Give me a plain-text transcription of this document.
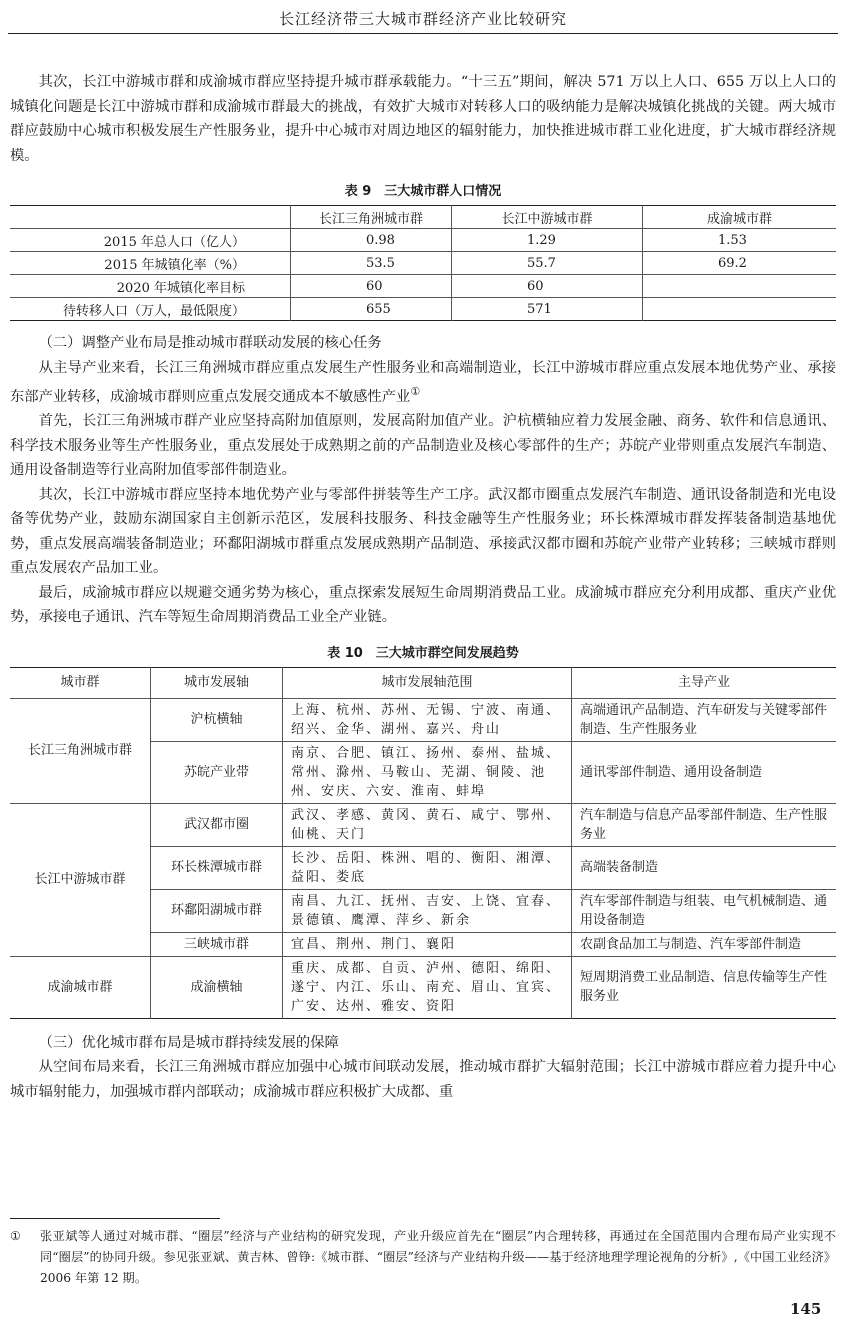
长江经济带三大城市群经济产业比较研究

其次，长江中游城市群和成渝城市群应坚持提升城市群承载能力。“十三五”期间，解决 571 万以上人口、655 万以上人口的城镇化问题是长江中游城市群和成渝城市群最大的挑战，有效扩大城市对转移人口的吸纳能力是解决城镇化挑战的关键。两大城市群应鼓励中心城市积极发展生产性服务业，提升中心城市对周边地区的辐射能力，加快推进城市群工业化进度，扩大城市群经济规模。

表 9　三大城市群人口情况
	长江三角洲城市群	长江中游城市群	成渝城市群
2015 年总人口（亿人）	0.98	1.29	1.53
2015 年城镇化率（%）	53.5	55.7	69.2
2020 年城镇化率目标	60	60	
待转移人口（万人，最低限度）	655	571	

（二）调整产业布局是推动城市群联动发展的核心任务

从主导产业来看，长江三角洲城市群应重点发展生产性服务业和高端制造业，长江中游城市群应重点发展本地优势产业、承接东部产业转移，成渝城市群则应重点发展交通成本不敏感性产业①

首先，长江三角洲城市群产业应坚持高附加值原则，发展高附加值产业。沪杭横轴应着力发展金融、商务、软件和信息通讯、科学技术服务业等生产性服务业，重点发展处于成熟期之前的产品制造业及核心零部件的生产；苏皖产业带则重点发展汽车制造、通用设备制造等行业高附加值零部件制造业。

其次，长江中游城市群应坚持本地优势产业与零部件拼装等生产工序。武汉都市圈重点发展汽车制造、通讯设备制造和光电设备等优势产业，鼓励东湖国家自主创新示范区，发展科技服务、科技金融等生产性服务业；环长株潭城市群发挥装备制造基地优势，重点发展高端装备制造业；环鄱阳湖城市群重点发展成熟期产品制造、承接武汉都市圈和苏皖产业带产业转移；三峡城市群则重点发展农产品加工业。

最后，成渝城市群应以规避交通劣势为核心，重点探索发展短生命周期消费品工业。成渝城市群应充分利用成都、重庆产业优势，承接电子通讯、汽车等短生命周期消费品工业全产业链。

表 10　三大城市群空间发展趋势
城市群	城市发展轴	城市发展轴范围	主导产业
长江三角洲城市群	沪杭横轴	上海、杭州、苏州、无锡、宁波、南通、绍兴、金华、湖州、嘉兴、舟山	高端通讯产品制造、汽车研发与关键零部件制造、生产性服务业
	苏皖产业带	南京、合肥、镇江、扬州、泰州、盐城、常州、滁州、马鞍山、芜湖、铜陵、池州、安庆、六安、淮南、蚌埠	通讯零部件制造、通用设备制造
长江中游城市群	武汉都市圈	武汉、孝感、黄冈、黄石、咸宁、鄂州、仙桃、天门	汽车制造与信息产品零部件制造、生产性服务业
	环长株潭城市群	长沙、岳阳、株洲、唱的、衡阳、湘潭、益阳、娄底	高端装备制造
	环鄱阳湖城市群	南昌、九江、抚州、吉安、上饶、宜春、景德镇、鹰潭、萍乡、新余	汽车零部件制造与组装、电气机械制造、通用设备制造
	三峡城市群	宜昌、荆州、荆门、襄阳	农副食品加工与制造、汽车零部件制造
成渝城市群	成渝横轴	重庆、成都、自贡、泸州、德阳、绵阳、遂宁、内江、乐山、南充、眉山、宜宾、广安、达州、雅安、资阳	短周期消费工业品制造、信息传输等生产性服务业

（三）优化城市群布局是城市群持续发展的保障

从空间布局来看，长江三角洲城市群应加强中心城市间联动发展，推动城市群扩大辐射范围；长江中游城市群应着力提升中心城市辐射能力，加强城市群内部联动；成渝城市群应积极扩大成都、重

① 张亚斌等人通过对城市群、“圈层”经济与产业结构的研究发现，产业升级应首先在“圈层”内合理转移，再通过在全国范围内合理布局产业实现不同“圈层”的协同升级。参见张亚斌、黄吉林、曾铮:《城市群、“圈层”经济与产业结构升级——基于经济地理学理论视角的分析》,《中国工业经济》2006 年第 12 期。
145
